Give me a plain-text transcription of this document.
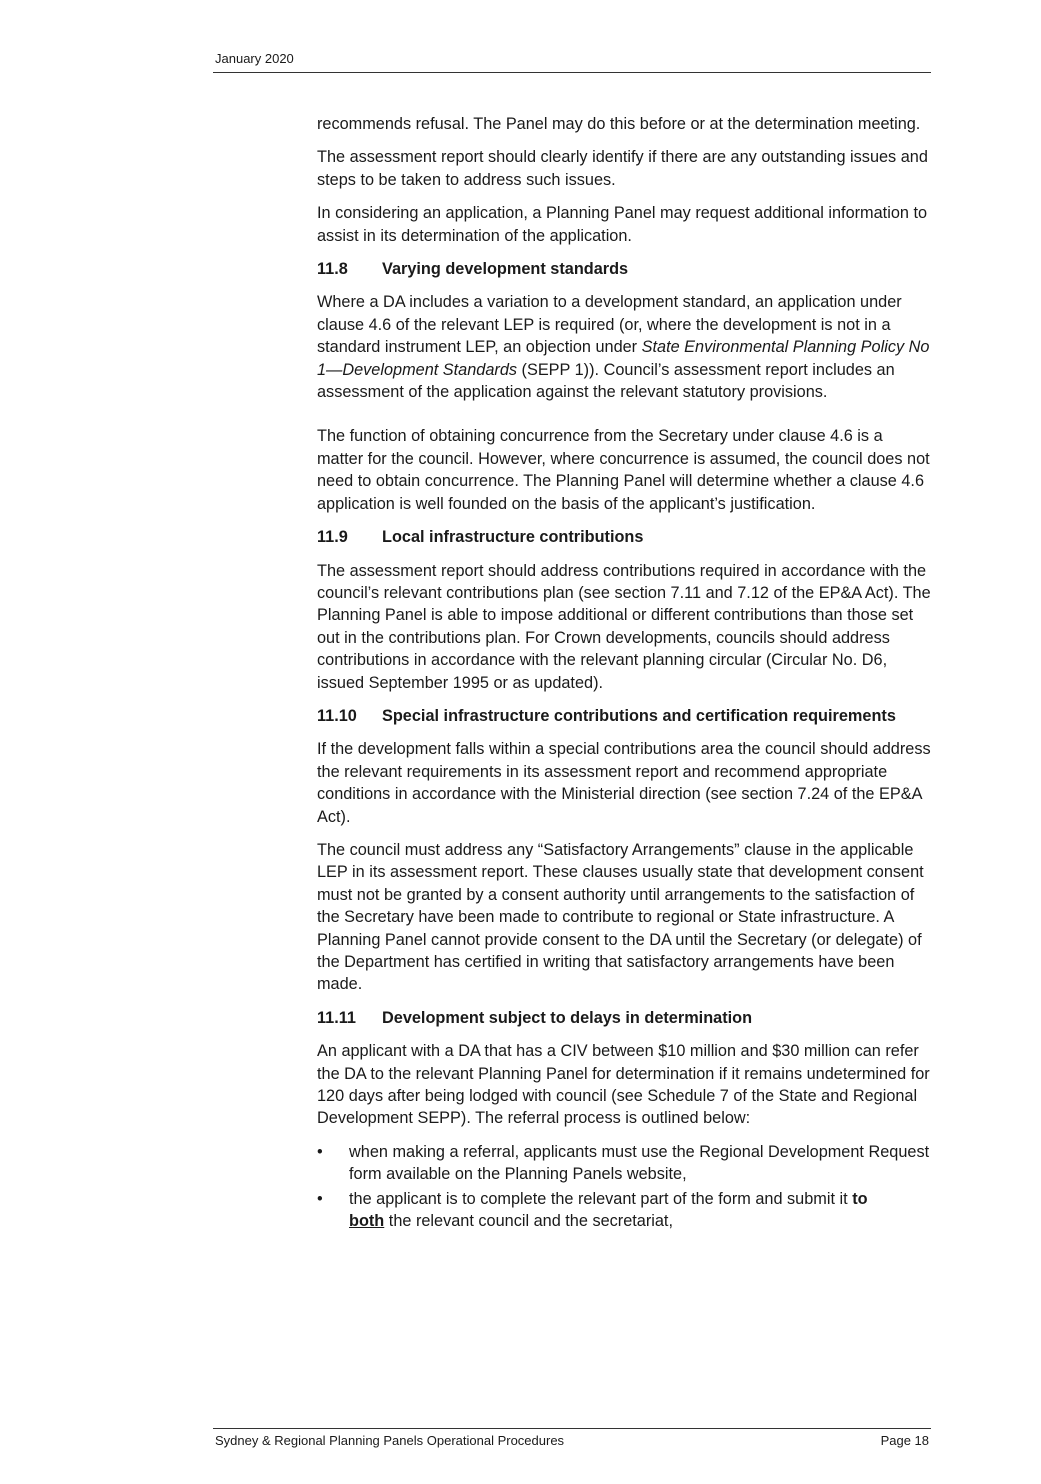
January 2020

recommends refusal. The Panel may do this before or at the determination meeting.

The assessment report should clearly identify if there are any outstanding issues and steps to be taken to address such issues.

In considering an application, a Planning Panel may request additional information to assist in its determination of the application.

11.8 Varying development standards

Where a DA includes a variation to a development standard, an application under clause 4.6 of the relevant LEP is required (or, where the development is not in a standard instrument LEP, an objection under State Environmental Planning Policy No 1—Development Standards (SEPP 1)). Council’s assessment report includes an assessment of the application against the relevant statutory provisions.

The function of obtaining concurrence from the Secretary under clause 4.6 is a matter for the council. However, where concurrence is assumed, the council does not need to obtain concurrence. The Planning Panel will determine whether a clause 4.6 application is well founded on the basis of the applicant’s justification.

11.9 Local infrastructure contributions

The assessment report should address contributions required in accordance with the council’s relevant contributions plan (see section 7.11 and 7.12 of the EP&A Act). The Planning Panel is able to impose additional or different contributions than those set out in the contributions plan. For Crown developments, councils should address contributions in accordance with the relevant planning circular (Circular No. D6, issued September 1995 or as updated).

11.10 Special infrastructure contributions and certification requirements

If the development falls within a special contributions area the council should address the relevant requirements in its assessment report and recommend appropriate conditions in accordance with the Ministerial direction (see section 7.24 of the EP&A Act).

The council must address any “Satisfactory Arrangements” clause in the applicable LEP in its assessment report. These clauses usually state that development consent must not be granted by a consent authority until arrangements to the satisfaction of the Secretary have been made to contribute to regional or State infrastructure. A Planning Panel cannot provide consent to the DA until the Secretary (or delegate) of the Department has certified in writing that satisfactory arrangements have been made.

11.11 Development subject to delays in determination

An applicant with a DA that has a CIV between $10 million and $30 million can refer the DA to the relevant Planning Panel for determination if it remains undetermined for 120 days after being lodged with council (see Schedule 7 of the State and Regional Development SEPP). The referral process is outlined below:

• when making a referral, applicants must use the Regional Development Request form available on the Planning Panels website,
• the applicant is to complete the relevant part of the form and submit it to
both the relevant council and the secretariat,
Sydney & Regional Planning Panels Operational Procedures	Page 18
